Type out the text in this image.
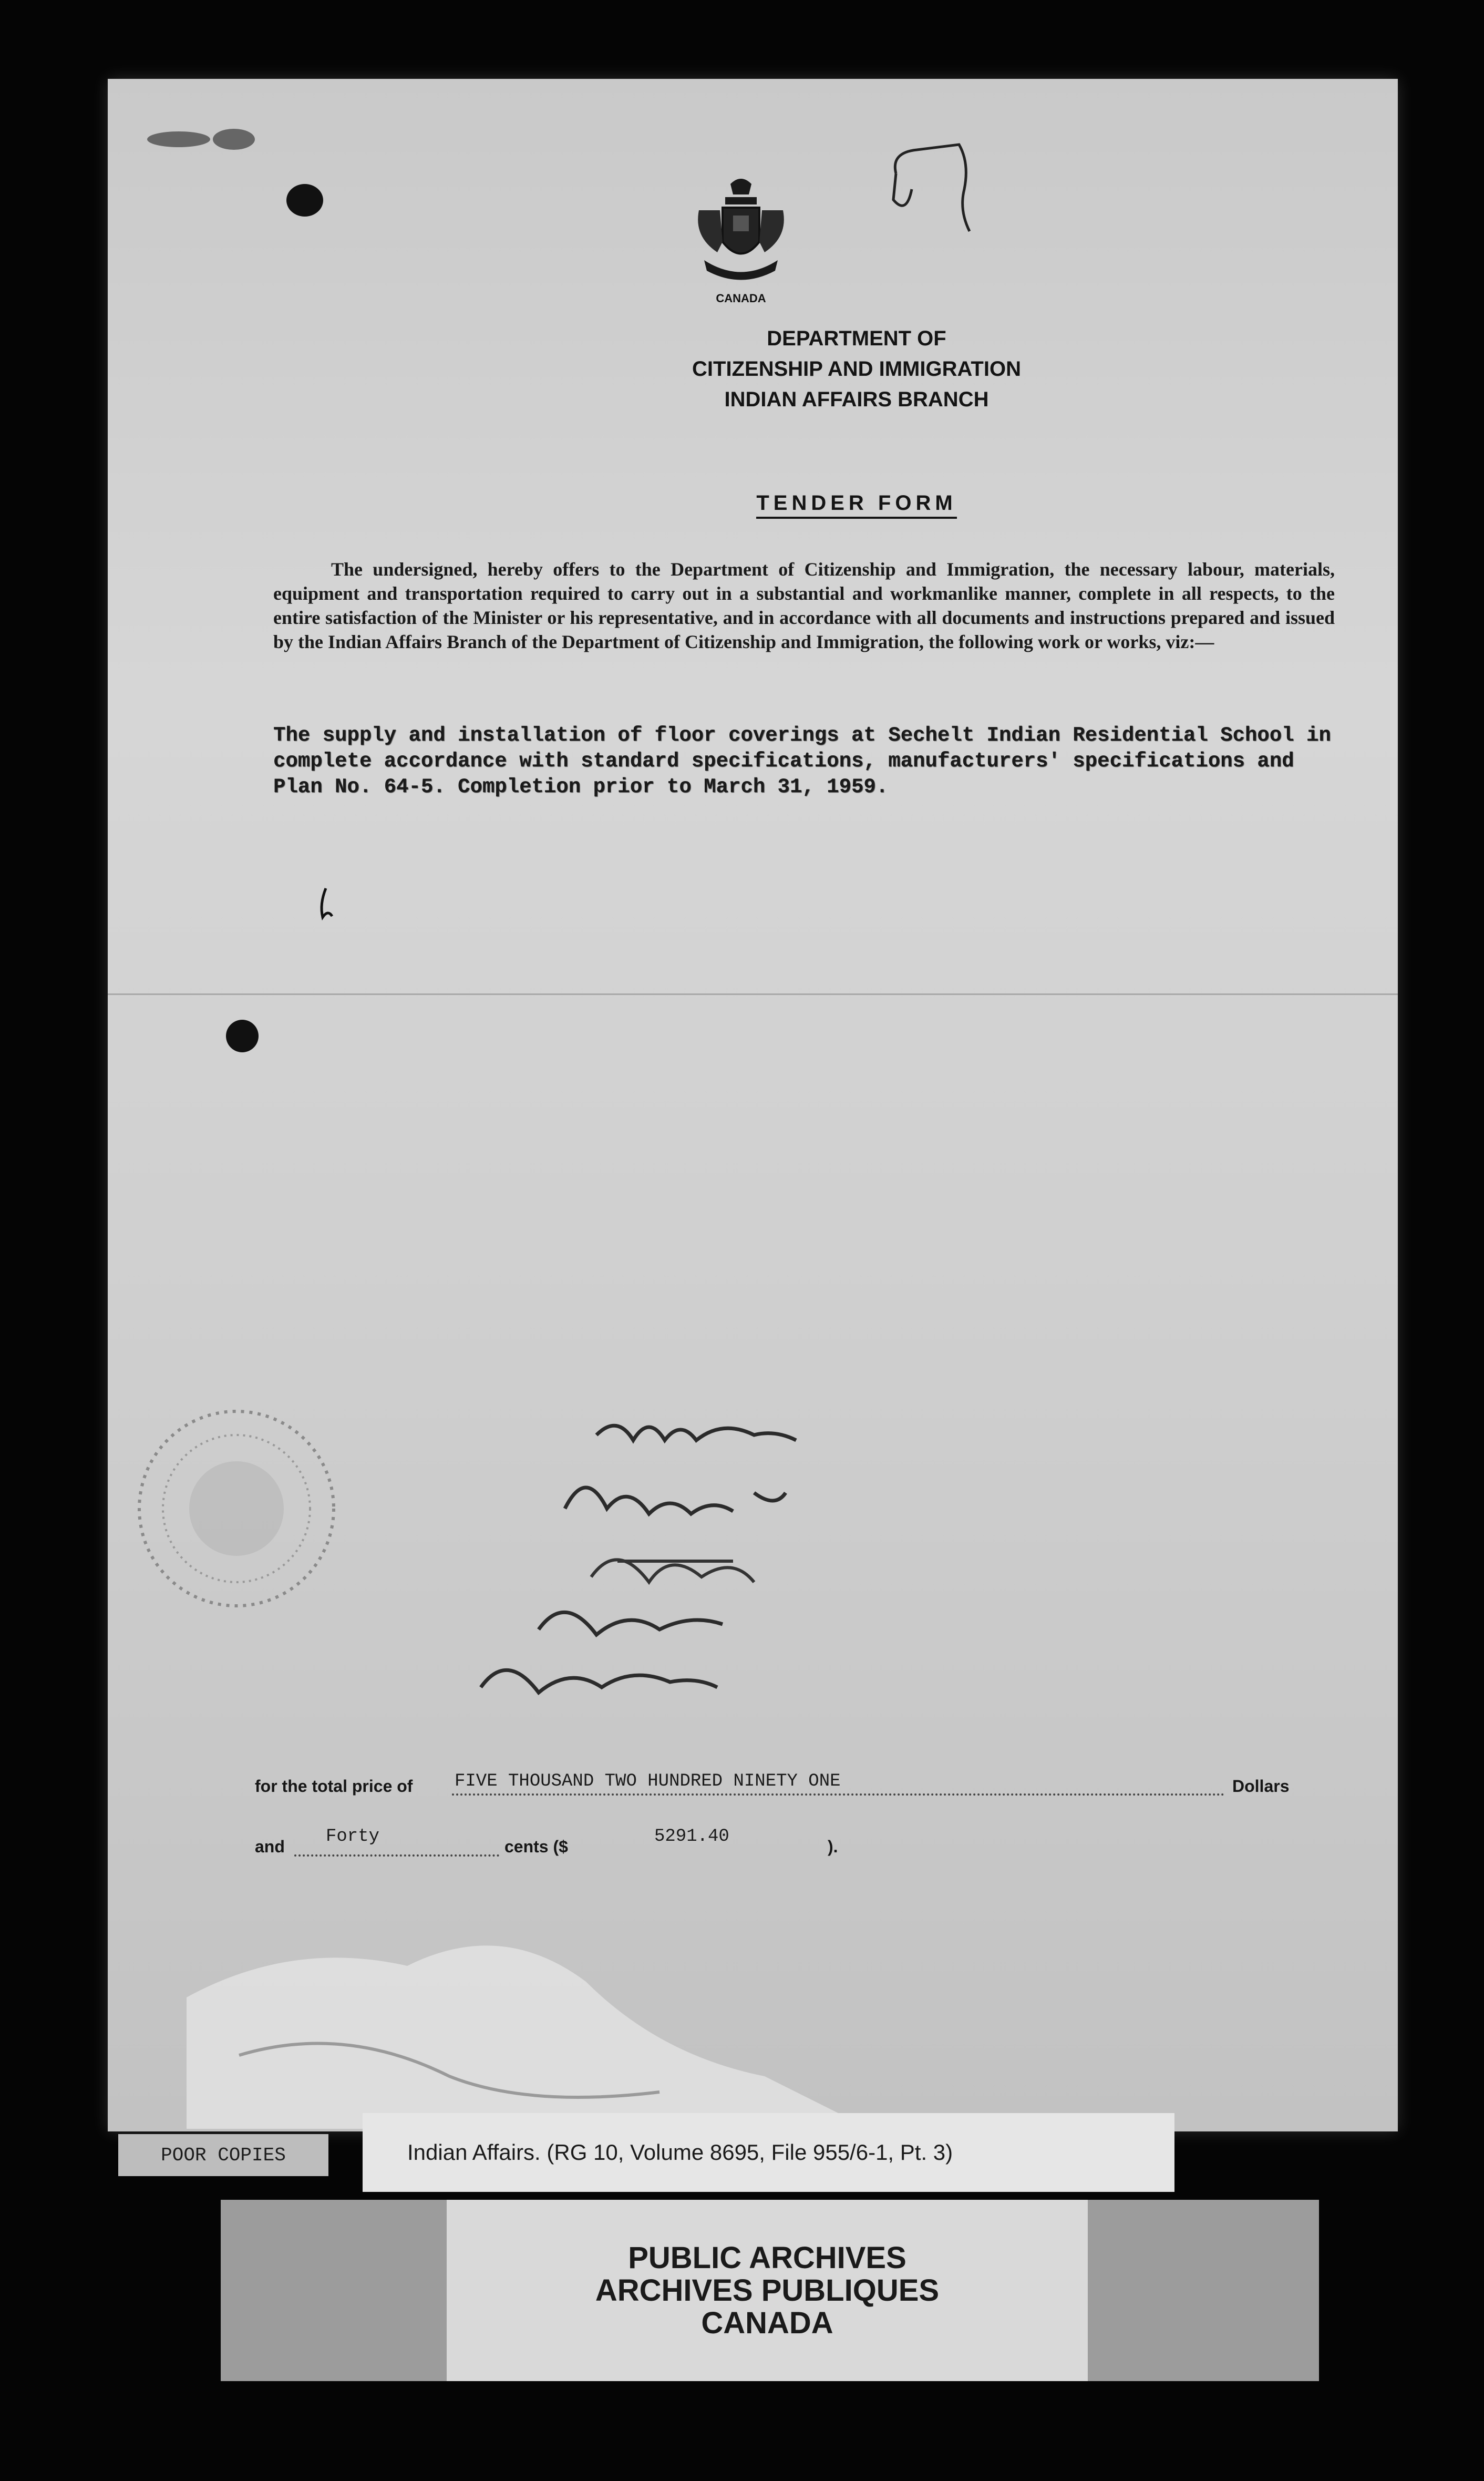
CANADA
DEPARTMENT OF
CITIZENSHIP AND IMMIGRATION
INDIAN AFFAIRS BRANCH
TENDER FORM
The undersigned, hereby offers to the Department of Citizenship and Immigration, the necessary labour, materials, equipment and transportation required to carry out in a substantial and workmanlike manner, complete in all respects, to the entire satisfaction of the Minister or his representative, and in accordance with all documents and instructions prepared and issued by the Indian Affairs Branch of the Department of Citizenship and Immigration, the following work or works, viz:—
The supply and installation of floor coverings at Sechelt Indian Residential School in complete accordance with standard specifications, manufacturers' specifications and Plan No. 64-5. Completion prior to March 31, 1959.
for the total price of FIVE THOUSAND TWO HUNDRED NINETY ONE	Dollars
and Forty	cents ($	5291.40	).
POOR COPIES	Indian Affairs. (RG 10, Volume 8695, File 955/6-1, Pt. 3)
PUBLIC ARCHIVES
ARCHIVES PUBLIQUES
CANADA
